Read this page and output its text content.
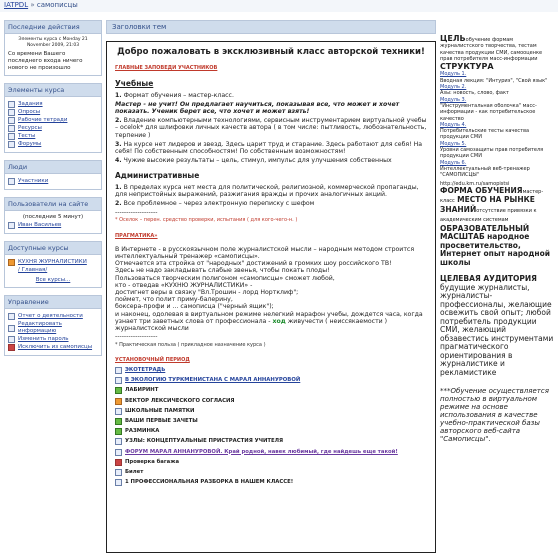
IATPDL » самописцы
Последние действия
Элементы курса с Монday 21 November 2009, 21:03
Со времени Вашего последнего входа ничего нового не произошло
Элементы курса
Задания
Опросы
Рабочие тетради
Ресурсы
Тесты
Форумы
Люди
Участники
Пользователи на сайте
(последние 5 минут)
Иван Васильев
Доступные курсы
КУХНЯ ЖУРНАЛИСТИКИ
/ Главная/
Все курсы...
Управление
Отчет о деятельности
Редактировать информацию
Изменить пароль
Исключить из самописцы
Заголовки тем
Добро пожаловать в эксклюзивный класс авторской техники!
ГЛАВНЫЕ ЗАПОВЕДИ УЧАСТНИКОВ
Учебные
1. Формат обучения – мастер-класс.
Мастер - не учит! Он предлагает научиться, показывая все, что может и хочет показать. Ученик берет все, что хочет и может взять!
2. Владение компьютерными технологиями, сервисным инструментарием виртуальной учебы – ocelok* для шлифовки личных качеств автора ( в том числе: пытливость, любознательность, терпение )
3. На курсе нет лидеров и звезд. Здесь царит труд и старание. Здесь работают для себя! На себя! По собственным способностям! По собственным возможностям!
4. Чужие высокие результаты – цель, стимул, импульс для улучшения собственных
Административные
1. В пределах курса нет места для политической, религиозной, коммерческой пропаганды, для непристойных выражений, разжигания вражды и прочих аналогичных акций.
2. Все проблемное – через электронную переписку с шефом
-------------------
* Оселок – перен. средство проверки, испытания ( для кого-чего-н. )
ПРАГМАТИКА»
В Интернете - в русскоязычном поле журналистской мысли – народным методом строится интеллектуальный тренажер «самописцы».
Отмечается эта стройка от "народных" достижений в громких шоу российского ТВ!
Здесь не надо закладывать слабые звенья, чтобы покать плоды!
Пользоваться творческим полигоном «самописцы» сможет любой,
кто - отведав «КУХНЮ ЖУРНАЛИСТИКИ» -
достигнет веры в связку "Вл.Трошин - лорд Нортклиф";
поймет, что полит приму-балерину,
боксера-профи и ... самописца ("черный ящик");
и наконец, одолевая в виртуальном режиме нелегкий марафон учебы, дождется часа, когда узнает три заветных слова от профессионала - ход живучести ( неиссякаемости ) журналистской мысли
-------------------
* Практическая польза ( прикладное назначение курса )
УСТАНОВОЧНЫЙ ПЕРИОД
ЭКОТЕТРАДЬ
В ЭКОЛОГИЮ ТУРКМЕНИСТАНА С МАРАЛ АННАНУРОВОЙ
ЛАБИРИНТ
ВЕКТОР ЛЕКСИЧЕСКОГО СОГЛАСИЯ
ШКОЛЬНЫЕ ПАМЯТКИ
ВАШИ ПЕРВЫЕ ЗАЧЕТЫ
РАЗМИНКА
УЗЛЫ: КОНЦЕПТУАЛЬНЫЕ ПРИСТРАСТИЯ УЧИТЕЛЯ
ФОРУМ МАРАЛ АННАНУРОВОЙ. Край родной, навек любимый, где найдешь еще такой!
Проверка багажа
Билет
1 ПРОФЕССИОНАЛЬНАЯ РАЗБОРКА В НАШЕМ КЛАССЕ!
ЦЕЛЬобучение формам журналистского творчества, тестам качества продукции СМИ, самооценке прав потребителя масс-информации
СТРУКТУРА
Модуль 1.
Вводная лекция: "Интуриэ", "Свой язык"
Модуль 2.
Азы: новость, слово, факт
Модуль 3.
"Инструментальная оболочка" масс-информации - как потребительское качество
Модуль 4.
Потребительские тесты качества продукции СМИ
Модуль 5.
Уровни самозащиты прав потребителя продукции СМИ
Модуль 6.
Интеллектуальный веб-тренажер "САМОПИСЦЫ"
http://edu.km.ru/samopistsi
ФОРМА ОБУЧЕНИЯмастер-класс МЕСТО НА РЫНКЕ ЗНАНИЙотсутствие привязки к академическим системам ОБРАЗОВАТЕЛЬНЫЙ МАСШТАБ народное просветительство, Интернет опыт народной школы
ЦЕЛЕВАЯ АУДИТОРИЯ
будущие журналисты, журналисты-профессионалы, желающие освежить свой опыт; любой потребитель продукции СМИ, желающий обзавестись инструментами прагматического ориентирования в журналистике и рекламистике
***Обучение осуществляется полностью в виртуальном режиме на основе использования в качестве учебно-практической базы авторского веб-сайта "Самописцы".
